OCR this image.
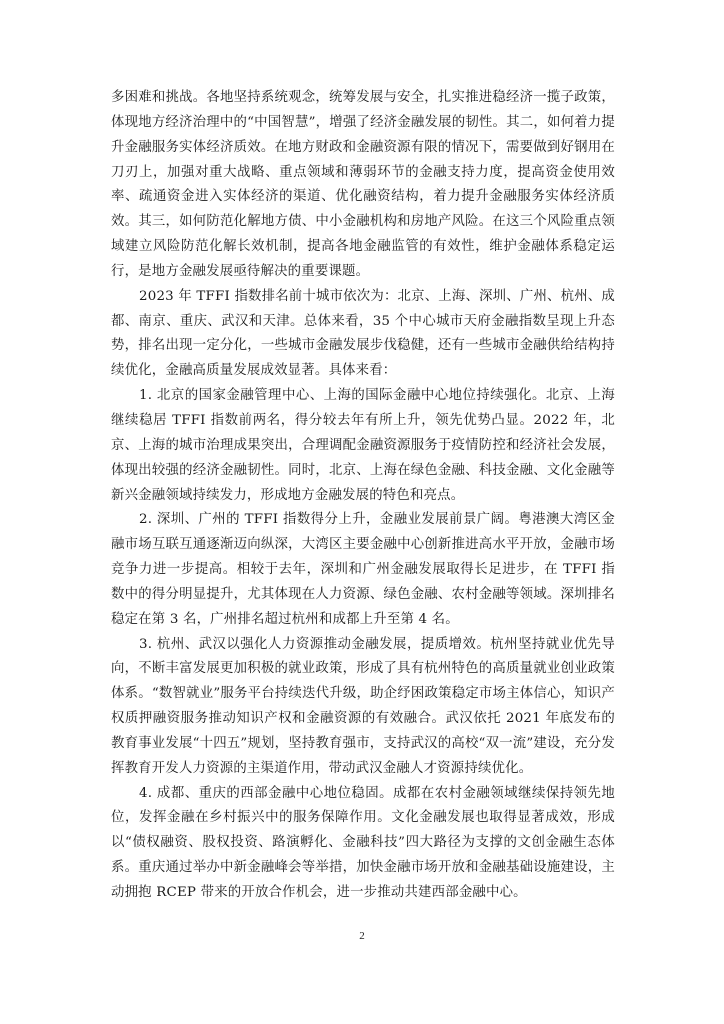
多困难和挑战。各地坚持系统观念，统筹发展与安全，扎实推进稳经济一揽子政策，体现地方经济治理中的“中国智慧”，增强了经济金融发展的韧性。其二，如何着力提升金融服务实体经济质效。在地方财政和金融资源有限的情况下，需要做到好钢用在刀刃上，加强对重大战略、重点领域和薄弱环节的金融支持力度，提高资金使用效率、疏通资金进入实体经济的渠道、优化融资结构，着力提升金融服务实体经济质效。其三，如何防范化解地方债、中小金融机构和房地产风险。在这三个风险重点领域建立风险防范化解长效机制，提高各地金融监管的有效性，维护金融体系稳定运行，是地方金融发展亟待解决的重要课题。

2023 年 TFFI 指数排名前十城市依次为：北京、上海、深圳、广州、杭州、成都、南京、重庆、武汉和天津。总体来看，35 个中心城市天府金融指数呈现上升态势，排名出现一定分化，一些城市金融发展步伐稳健，还有一些城市金融供给结构持续优化，金融高质量发展成效显著。具体来看：

1. 北京的国家金融管理中心、上海的国际金融中心地位持续强化。北京、上海继续稳居 TFFI 指数前两名，得分较去年有所上升，领先优势凸显。2022 年，北京、上海的城市治理成果突出，合理调配金融资源服务于疫情防控和经济社会发展，体现出较强的经济金融韧性。同时，北京、上海在绿色金融、科技金融、文化金融等新兴金融领域持续发力，形成地方金融发展的特色和亮点。

2. 深圳、广州的 TFFI 指数得分上升，金融业发展前景广阔。粤港澳大湾区金融市场互联互通逐渐迈向纵深，大湾区主要金融中心创新推进高水平开放，金融市场竞争力进一步提高。相较于去年，深圳和广州金融发展取得长足进步，在 TFFI 指数中的得分明显提升，尤其体现在人力资源、绿色金融、农村金融等领域。深圳排名稳定在第 3 名，广州排名超过杭州和成都上升至第 4 名。

3. 杭州、武汉以强化人力资源推动金融发展，提质增效。杭州坚持就业优先导向，不断丰富发展更加积极的就业政策，形成了具有杭州特色的高质量就业创业政策体系。“数智就业”服务平台持续迭代升级，助企纾困政策稳定市场主体信心，知识产权质押融资服务推动知识产权和金融资源的有效融合。武汉依托 2021 年底发布的教育事业发展“十四五”规划，坚持教育强市，支持武汉的高校“双一流”建设，充分发挥教育开发人力资源的主渠道作用，带动武汉金融人才资源持续优化。

4. 成都、重庆的西部金融中心地位稳固。成都在农村金融领域继续保持领先地位，发挥金融在乡村振兴中的服务保障作用。文化金融发展也取得显著成效，形成以“债权融资、股权投资、路演孵化、金融科技”四大路径为支撑的文创金融生态体系。重庆通过举办中新金融峰会等举措，加快金融市场开放和金融基础设施建设，主动拥抱 RCEP 带来的开放合作机会，进一步推动共建西部金融中心。

2
